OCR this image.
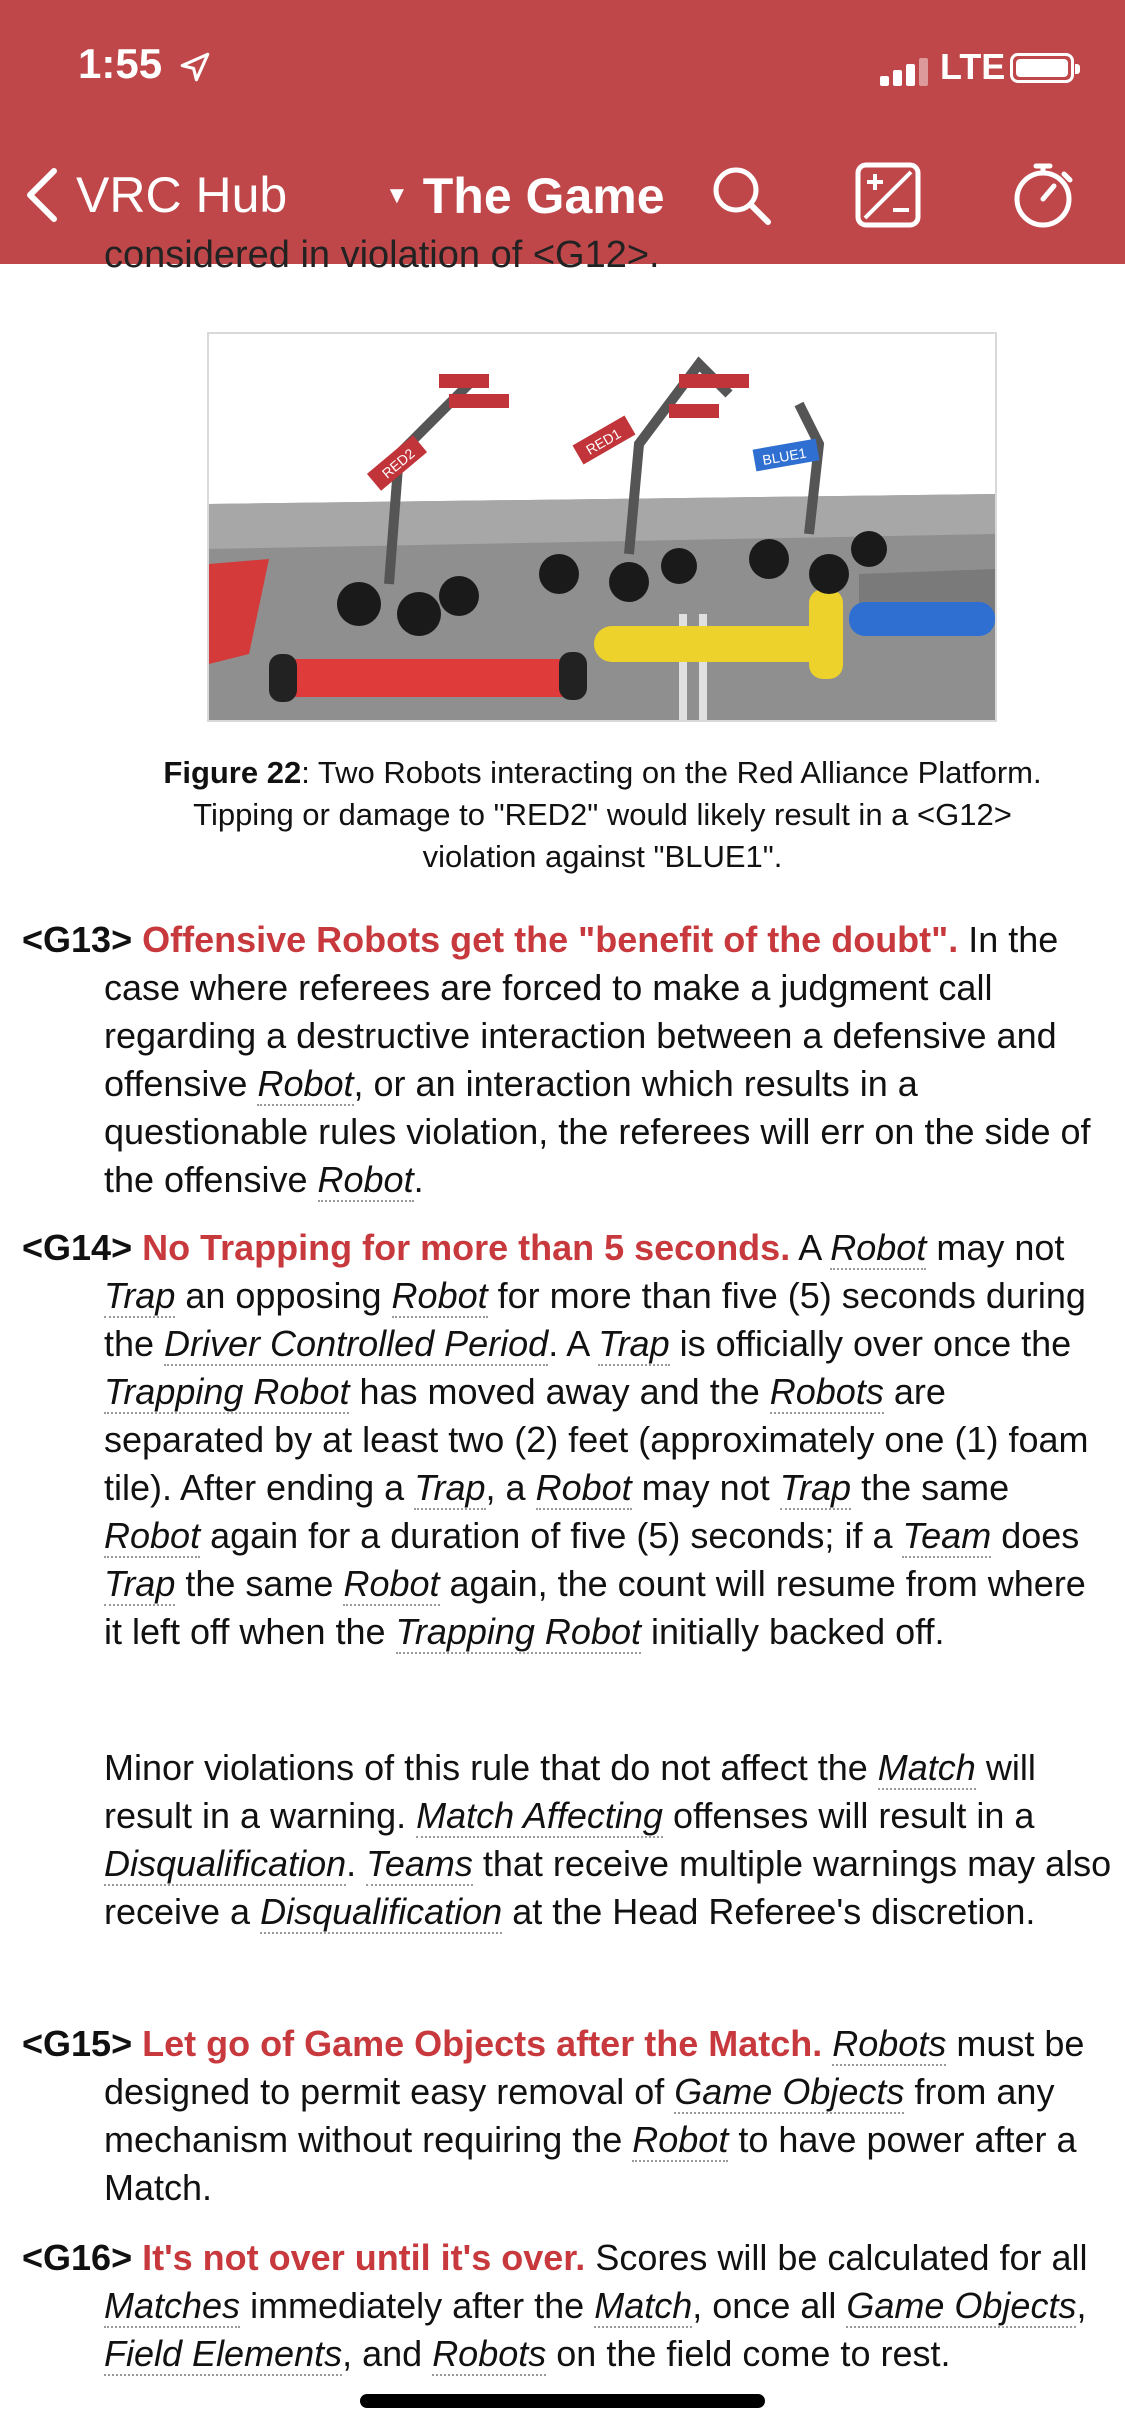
1:55	LTE
VRC Hub	▼ The Game
considered in violation of <G12>.
RED2
RED1	BLUE1
Figure 22: Two Robots interacting on the Red Alliance Platform. Tipping or damage to "RED2" would likely result in a <G12> violation against "BLUE1".
<G13> Offensive Robots get the "benefit of the doubt". In the case where referees are forced to make a judgment call regarding a destructive interaction between a defensive and offensive Robot, or an interaction which results in a questionable rules violation, the referees will err on the side of the offensive Robot.
<G14> No Trapping for more than 5 seconds. A Robot may not Trap an opposing Robot for more than five (5) seconds during the Driver Controlled Period. A Trap is officially over once the Trapping Robot has moved away and the Robots are separated by at least two (2) feet (approximately one (1) foam tile). After ending a Trap, a Robot may not Trap the same Robot again for a duration of five (5) seconds; if a Team does Trap the same Robot again, the count will resume from where it left off when the Trapping Robot initially backed off.
Minor violations of this rule that do not affect the Match will result in a warning. Match Affecting offenses will result in a Disqualification. Teams that receive multiple warnings may also receive a Disqualification at the Head Referee's discretion.
<G15> Let go of Game Objects after the Match. Robots must be designed to permit easy removal of Game Objects from any mechanism without requiring the Robot to have power after a Match.
<G16> It's not over until it's over. Scores will be calculated for all Matches immediately after the Match, once all Game Objects, Field Elements, and Robots on the field come to rest.
